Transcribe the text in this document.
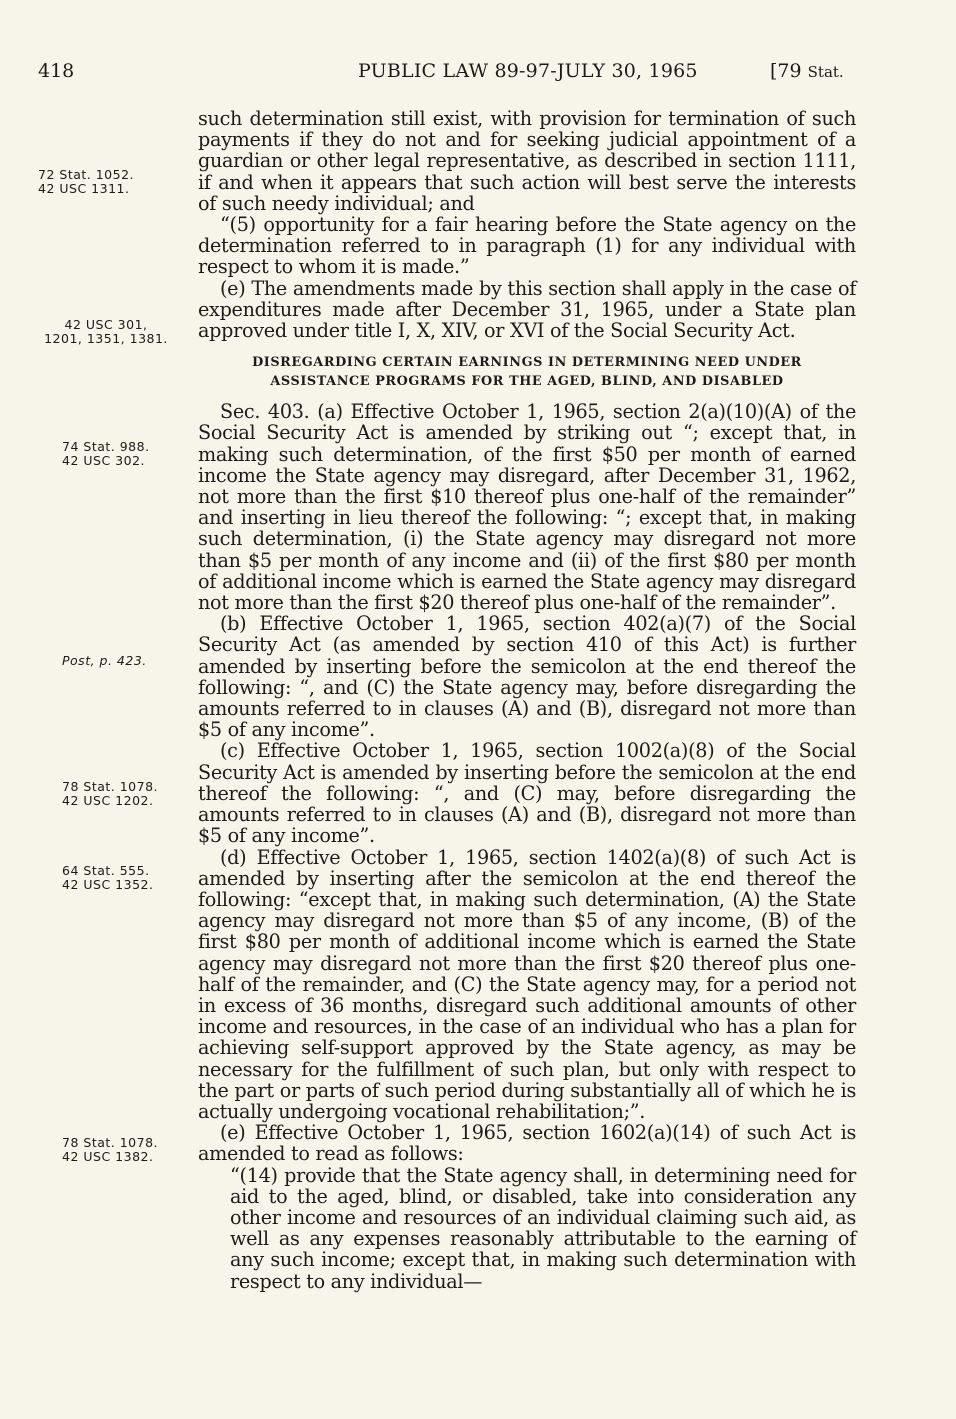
418	PUBLIC LAW 89-97-JULY 30, 1965	[79 Stat.
72 Stat. 1052.
42 USC 1311.
42 USC 301,
1201, 1351, 1381.
74 Stat. 988.
42 USC 302.
Post, p. 423.
78 Stat. 1078.
42 USC 1202.
64 Stat. 555.
42 USC 1352.
78 Stat. 1078.
42 USC 1382.

such determination still exist, with provision for termination of such payments if they do not and for seeking judicial appointment of a guardian or other legal representative, as described in section 1111, if and when it appears that such action will best serve the interests of such needy individual; and

“(5) opportunity for a fair hearing before the State agency on the determination referred to in paragraph (1) for any individual with respect to whom it is made.”

(e) The amendments made by this section shall apply in the case of expenditures made after December 31, 1965, under a State plan approved under title I, X, XIV, or XVI of the Social Security Act.

DISREGARDING CERTAIN EARNINGS IN DETERMINING NEED UNDER ASSISTANCE PROGRAMS FOR THE AGED, BLIND, AND DISABLED

Sec. 403. (a) Effective October 1, 1965, section 2(a)(10)(A) of the Social Security Act is amended by striking out “; except that, in making such determination, of the first $50 per month of earned income the State agency may disregard, after December 31, 1962, not more than the first $10 thereof plus one-half of the remainder” and inserting in lieu thereof the following: “; except that, in making such determination, (i) the State agency may disregard not more than $5 per month of any income and (ii) of the first $80 per month of additional income which is earned the State agency may disregard not more than the first $20 thereof plus one-half of the remainder”.

(b) Effective October 1, 1965, section 402(a)(7) of the Social Security Act (as amended by section 410 of this Act) is further amended by inserting before the semicolon at the end thereof the following: “, and (C) the State agency may, before disregarding the amounts referred to in clauses (A) and (B), disregard not more than $5 of any income”.

(c) Effective October 1, 1965, section 1002(a)(8) of the Social Security Act is amended by inserting before the semicolon at the end thereof the following: “, and (C) may, before disregarding the amounts referred to in clauses (A) and (B), disregard not more than $5 of any income”.

(d) Effective October 1, 1965, section 1402(a)(8) of such Act is amended by inserting after the semicolon at the end thereof the following: “except that, in making such determination, (A) the State agency may disregard not more than $5 of any income, (B) of the first $80 per month of additional income which is earned the State agency may disregard not more than the first $20 thereof plus one-half of the remainder, and (C) the State agency may, for a period not in excess of 36 months, disregard such additional amounts of other income and resources, in the case of an individual who has a plan for achieving self-support approved by the State agency, as may be necessary for the fulfillment of such plan, but only with respect to the part or parts of such period during substantially all of which he is actually undergoing vocational rehabilitation;”.

(e) Effective October 1, 1965, section 1602(a)(14) of such Act is amended to read as follows:

“(14) provide that the State agency shall, in determining need for aid to the aged, blind, or disabled, take into consideration any other income and resources of an individual claiming such aid, as well as any expenses reasonably attributable to the earning of any such income; except that, in making such determination with respect to any individual—
